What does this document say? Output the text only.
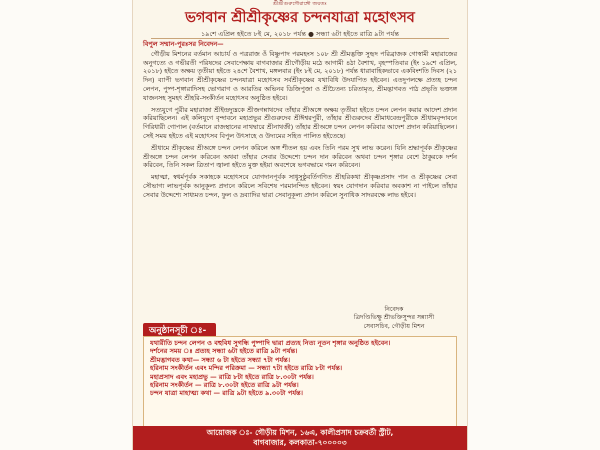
শ্রীশ্রীগুরুগৌরাঙ্গৌ জয়তঃ
ভগবান শ্রীশ্রীকৃষ্ণের চন্দনযাত্রা মহোৎসব
১৯শে এপ্রিল হইতে ৮ই মে, ২০১৮ পর্যন্ত ● সন্ধ্যা ৬টা হইতে রাত্রি ৯টা পর্যন্ত
বিপুল সম্মান-পুরঃসর নিবেদন—

গৌড়ীয় মিশনের বর্তমান আচার্য ও পত্ররাজ ওঁ বিষ্ণুপাদ পরমহংস ১০৮ শ্রী শ্রীমদ্ভক্তি সুহৃদ পরিব্রাজক গোস্বামী মহারাজের অনুগত্যে ও গভীরতী পরিষদের সেবাপেক্ষায় বাগবাজার শ্রীগৌড়ীয় মঠে আগামী ৪ঠা বৈশাখ, বৃহস্পতিবার (ইং ১৯শে এপ্রিল, ২০১৮) হইতে অক্ষয় তৃতীয়া হইতে ২৪শে বৈশাখ, মঙ্গলবার (ইং ৮ই মে, ২০১৮) পর্যন্ত ধারাবাহিকভাবে একবিংশতি দিবস (২১ দিন) ব্যাপী ভগবান শ্রীশ্রীকৃষ্ণের চন্দনযাত্রা মহোৎসব সর্বশ্রীকৃষ্ণের যথাবিধি উদযাপিত হইবেন। এতদুপলক্ষে প্রত্যহ চন্দন লেপন, পুষ্প-শৃঙ্গারাদিসহ ভোগরাগ ও আরতির অভিনব ডিজিপুজা ও শ্রীচৈতন্য চরিতামৃত, শ্রীমদ্ভাগবত পাঠ প্রভৃতি ভক্ত্যঙ্গ যাজনসহ সুমহৎ শ্রীহরি-সংকীর্তন মহোৎসব অনুষ্ঠিত হইবে।

সত্যযুগে পুরীর মহারাজা শ্রীইন্দ্রদ্যুম্নকে শ্রীজগন্নাথদেব তাঁহার শ্রীঅঙ্গে অক্ষয় তৃতীয়া হইতে চন্দন লেপন করার আদেশ প্রদান করিয়াছিলেন। এই কলিযুগে বৃন্দাবনে মহাপ্রভুর শ্রীগুরুদেব শ্রীঈশ্বরপুরী, তাঁহার শ্রীগুরুদেব শ্রীমাধবেন্দ্রপুরীকে শ্রীধামবৃন্দাবনে গিরিধারী গোপাল (বর্তমানে রাজস্থানের নাথদ্বারে শ্রীনাথজী) তাঁহার শ্রীঅঙ্গে চন্দন লেপন করিবার আদেশ প্রদান করিয়াছিলেন। সেই সময় হইতে এই মহোৎসব বিপুল উৎসাহে ও উদ্যমের সহিত পালিত হইতেছে।

শ্রীধামে শ্রীকৃষ্ণের শ্রীঅঙ্গে চন্দন লেপন করিলে অঙ্গ শীতল হয় এবং তিনি পরম সুখ লাভ করেন। যিনি শ্রদ্ধাপূর্বক শ্রীকৃষ্ণের শ্রীঅঙ্গে চন্দন লেপন করিবেন অথবা তাঁহার সেবার উদ্দেশ্যে চন্দন দান করিবেন অথবা চন্দন শৃঙ্গার বেশে ঠাকুরকে দর্শন করিবেন, তিনি সকল ত্রিতাপ জ্বালা হইতে মুক্ত হইয়া অবশেষে ভগবদ্ধামে গমন করিবেন।

মহাত্মা, স্বধর্মপূর্বক সকাহকে মহোৎসবে যোগদানপূর্বক সাধুসুষ্ঠুবর্তিগণিত শ্রীহরিকথা শ্রীকৃষ্ণপ্রসাদ পান ও শ্রীকৃষ্ণের সেবা সৌভাগ্য লাভপূর্বক আনুকূল্য প্রদানে করিলে সবিশেষ পরমানন্দিত হইবেন। স্বয়ং যোগদান করিবার অবকাশ না পাইলে তাঁহার সেবার উদ্দেশ্যে সাধ্যমত চন্দন, ফুল ও দ্রব্যাদির দ্বারা সেবানুকূল্য প্রদান করিলে সুনাধিক সাদরবক্ষে লাভ হইবে।

নিবেদক
ত্রিদণ্ডিভিক্ষু শ্রীভক্তিসুন্দর সন্ন্যাসী
সেবাসচিব, গৌড়ীয় মিশন
অনুষ্ঠানসূচী ঃ-
যথারীতি চন্দন লেপন ও বহুবিধ সুগন্ধি পুষ্পাদি দ্বারা প্রত্যহ নিত্য নূতন শৃঙ্গার অনুষ্ঠিত হইবেন।
দর্শনের সময় ঃ প্রত্যহ সন্ধ্যা ৬টা হইতে রাত্রি ৯টা পর্যন্ত।
শ্রীমদ্ভাগবত কথা— সন্ধ্যা ৬ টা হইতে সন্ধ্যা ৭টা পর্যন্ত।
হরিনাম সংকীর্তন এবং মন্দির পরিক্রমা — সন্ধ্যা ৭টা হইতে রাত্রি ৮টা পর্যন্ত।
মহাপ্রসাদ এবং মহাপ্রভু — রাত্রি ৮টা হইতে রাত্রি ৮.৩০টা পর্যন্ত।
হরিনাম সংকীর্তন — রাত্রি ৮.৩০টা হইতে রাত্রি ৯টা পর্যন্ত।
চন্দন যাত্রা মাহাত্ম্য কথা — রাত্রি ৯টা হইতে ৯.৩০টা পর্যন্ত।
আয়োজক ঃ- গৌড়ীয় মিশন, ১৬এ, কালীপ্রসাদ চক্রবর্তী স্ট্রীট,
বাগবাজার, কলকাতা-৭০০০০৩
